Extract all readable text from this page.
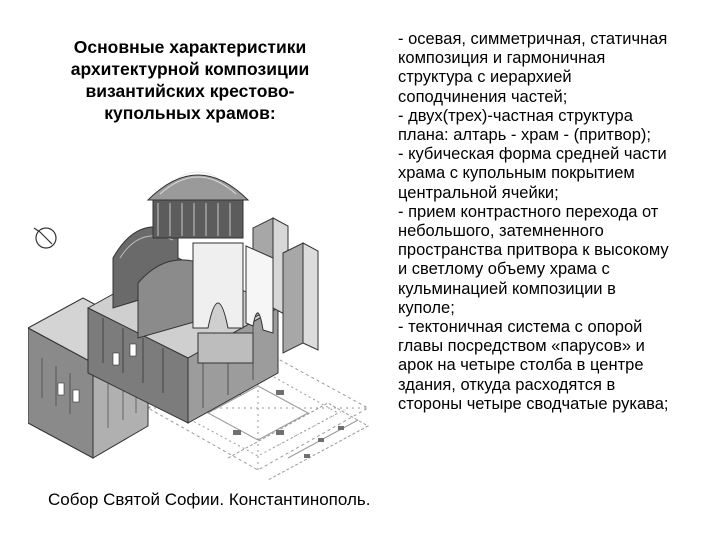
Основные характеристики
архитектурной композиции
византийских крестово-
купольных храмов:
Собор Святой Софии. Константинополь.
- осевая, симметричная, статичная
композиция и гармоничная
структура с иерархией
соподчинения частей;
- двух(трех)-частная структура
плана: алтарь - храм - (притвор);
- кубическая форма средней части
храма с купольным покрытием
центральной ячейки;
- прием контрастного перехода от
небольшого, затемненного
пространства притвора к высокому
и светлому объему храма с
кульминацией композиции в
куполе;
- тектоничная система с опорой
главы посредством «парусов» и
арок на четыре столба в центре
здания, откуда расходятся в
стороны четыре сводчатые рукава;
